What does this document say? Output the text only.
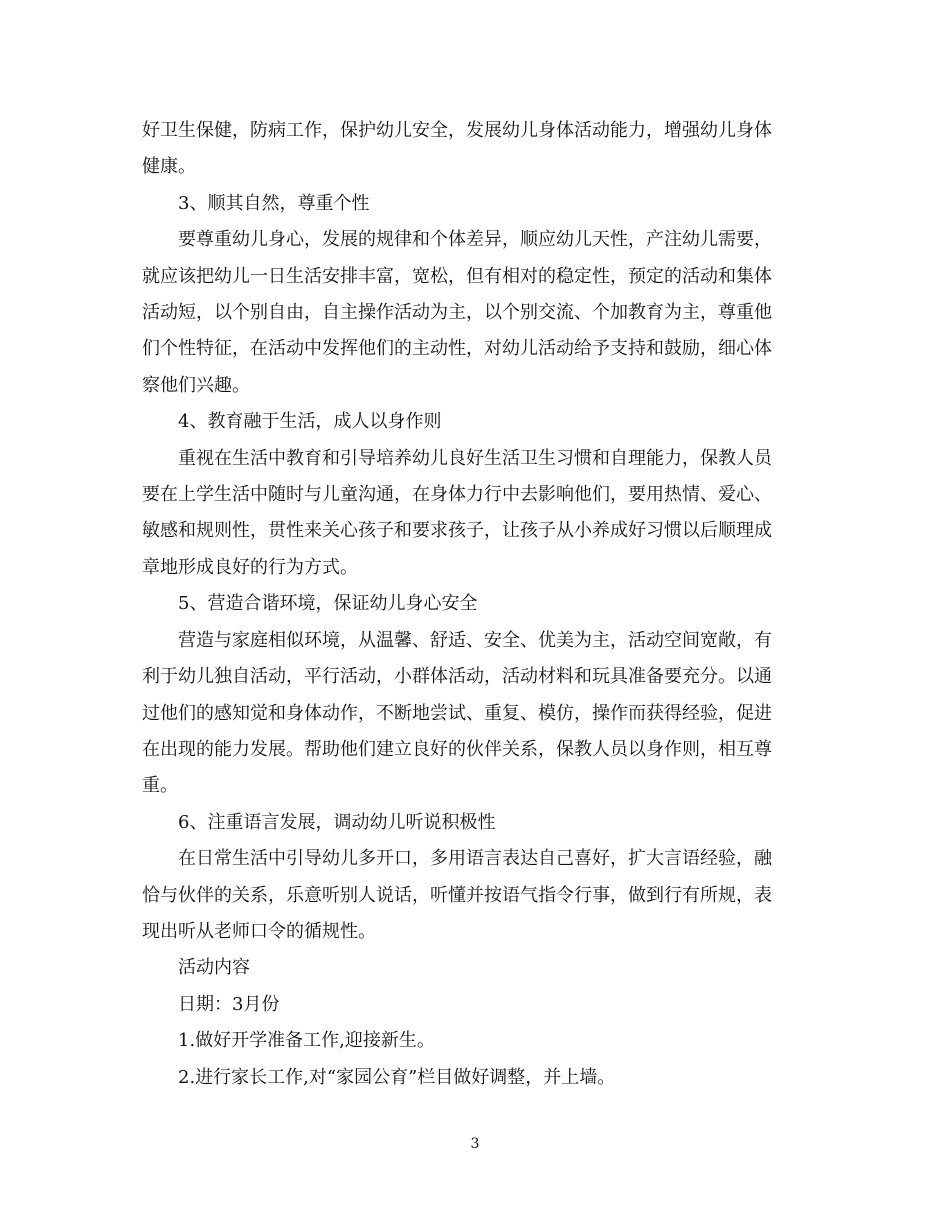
好卫生保健，防病工作，保护幼儿安全，发展幼儿身体活动能力，增强幼儿身体

健康。

3、顺其自然，尊重个性

要尊重幼儿身心，发展的规律和个体差异，顺应幼儿天性，产注幼儿需要，

就应该把幼儿一日生活安排丰富，宽松，但有相对的稳定性，预定的活动和集体

活动短，以个别自由，自主操作活动为主，以个别交流、个加教育为主，尊重他

们个性特征，在活动中发挥他们的主动性，对幼儿活动给予支持和鼓励，细心体

察他们兴趣。

4、教育融于生活，成人以身作则

重视在生活中教育和引导培养幼儿良好生活卫生习惯和自理能力，保教人员

要在上学生活中随时与儿童沟通，在身体力行中去影响他们，要用热情、爱心、

敏感和规则性，贯性来关心孩子和要求孩子，让孩子从小养成好习惯以后顺理成

章地形成良好的行为方式。

5、营造合谐环境，保证幼儿身心安全

营造与家庭相似环境，从温馨、舒适、安全、优美为主，活动空间宽敞，有

利于幼儿独自活动，平行活动，小群体活动，活动材料和玩具准备要充分。以通

过他们的感知觉和身体动作，不断地尝试、重复、模仿，操作而获得经验，促进

在出现的能力发展。帮助他们建立良好的伙伴关系，保教人员以身作则，相互尊

重。

6、注重语言发展，调动幼儿听说积极性

在日常生活中引导幼儿多开口，多用语言表达自己喜好，扩大言语经验，融

恰与伙伴的关系，乐意听别人说话，听懂并按语气指令行事，做到行有所规，表

现出听从老师口令的循规性。

活动内容

日期：3月份

1.做好开学准备工作,迎接新生。

2.进行家长工作,对“家园公育”栏目做好调整，并上墙。

3
